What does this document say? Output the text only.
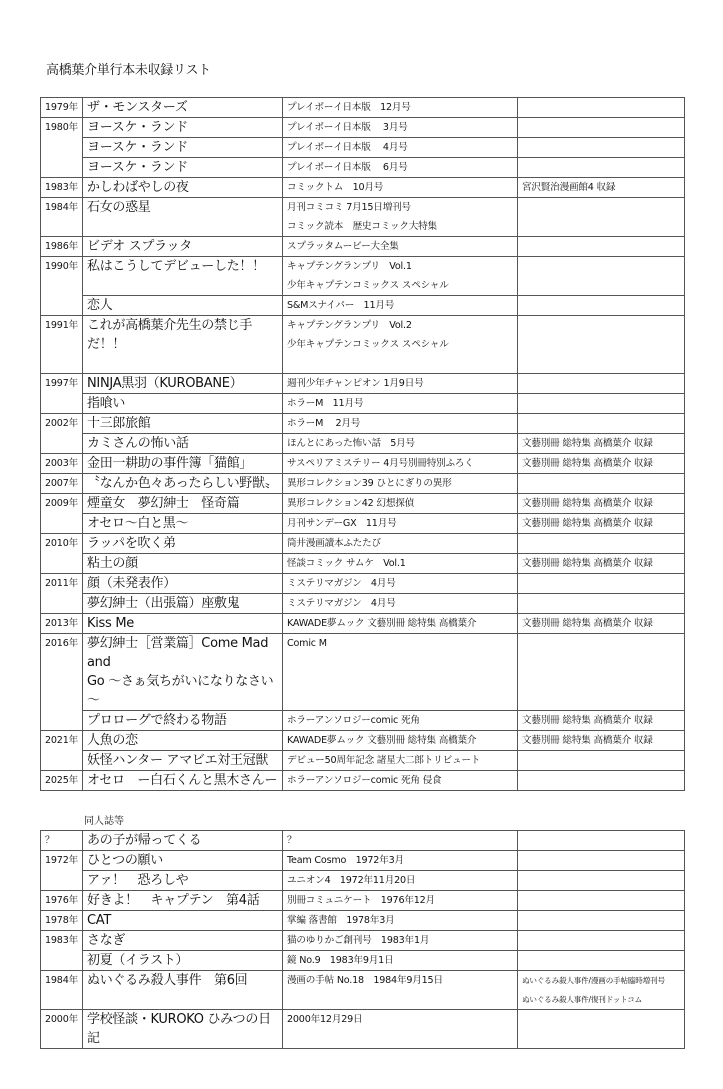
高橋葉介単行本未収録リスト
1979年	ザ・モンスターズ	プレイボーイ日本版　12月号	

1980年	ヨースケ・ランド	プレイボーイ日本版　 3月号	

	ヨースケ・ランド	プレイボーイ日本版　 4月号	

	ヨースケ・ランド	プレイボーイ日本版　 6月号	

1983年	かしわばやしの夜	コミックトム　10月号	宮沢賢治漫画館4 収録

1984年	石女の惑星	月刊コミコミ 7月15日増刊号
コミック読本　歴史コミック大特集	

1986年	ビデオ スプラッタ	スプラッタムービー大全集	

1990年	私はこうしてデビューした！！	キャプテングランプリ　Vol.1
少年キャプテンコミックス スペシャル	

	恋人	S&Mスナイパー　11月号	

1991年	これが高橋葉介先生の禁じ手だ！！	キャプテングランプリ　Vol.2
少年キャプテンコミックス スペシャル	

1997年	NINJA黒羽（KUROBANE）	週刊少年チャンピオン 1月9日号	

	指喰い	ホラーM　11月号	

2002年	十三郎旅館	ホラーM　 2月号	

	カミさんの怖い話	ほんとにあった怖い話　5月号	文藝別冊 総特集 高橋葉介 収録

2003年	金田一耕助の事件簿「猫館」	サスペリアミステリー 4月号別冊特別ふろく	文藝別冊 総特集 高橋葉介 収録

2007年	〝なんか色々あったらしい野獣〟	異形コレクション39 ひとにぎりの異形	

2009年	煙童女　夢幻紳士　怪奇篇	異形コレクション42 幻想探偵	文藝別冊 総特集 高橋葉介 収録

	オセロ～白と黒～	月刊サンデーGX　11月号	文藝別冊 総特集 高橋葉介 収録

2010年	ラッパを吹く弟	筒井漫画讀本ふたたび	

	粘土の顔	怪談コミック サムケ　Vol.1	文藝別冊 総特集 高橋葉介 収録

2011年	顔（未発表作）	ミステリマガジン　4月号	

	夢幻紳士（出張篇）座敷鬼	ミステリマガジン　4月号	

2013年	Kiss Me	KAWADE夢ムック 文藝別冊 総特集 高橋葉介	文藝別冊 総特集 高橋葉介 収録

2016年	夢幻紳士［営業篇］Come Mad and
Go ～さぁ気ちがいになりなさい～	Comic M	

	プロローグで終わる物語	ホラーアンソロジーcomic 死角	文藝別冊 総特集 高橋葉介 収録

2021年	人魚の恋	KAWADE夢ムック 文藝別冊 総特集 高橋葉介	文藝別冊 総特集 高橋葉介 収録

	妖怪ハンター アマビエ対王冠獣	デビュー50周年記念 諸星大二郎トリビュート	

2025年	オセロ　ー白石くんと黒木さんー	ホラーアンソロジーcomic 死角 侵食	

同人誌等
？	あの子が帰ってくる	？	

1972年	ひとつの願い	Team Cosmo　1972年3月	

	アァ！　恐ろしや	ユニオン4　1972年11月20日	

1976年	好きよ！　キャプテン　第4話	別冊コミュニケート　1976年12月	

1978年	CAT	掌編 落書館　1978年3月	

1983年	さなぎ	猫のゆりかご創刊号　1983年1月	

	初夏（イラスト）	鏡 No.9　1983年9月1日	

1984年	ぬいぐるみ殺人事件　第6回	漫画の手帖 No.18　1984年9月15日	ぬいぐるみ殺人事件/漫画の手帖臨時増刊号
ぬいぐるみ殺人事件/復刊ドットコム

2000年	学校怪談・KUROKO ひみつの日記	2000年12月29日	
